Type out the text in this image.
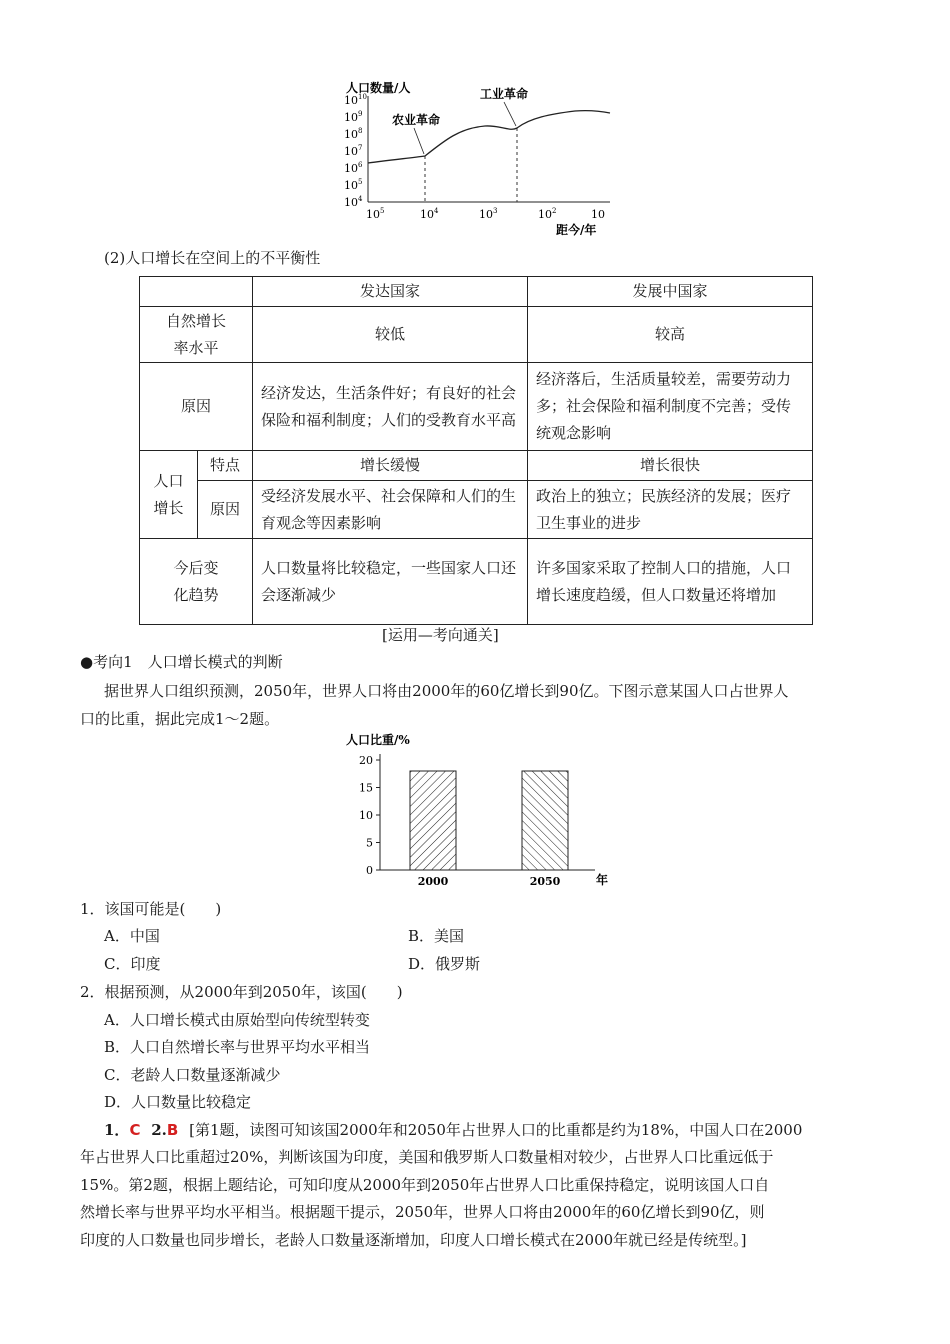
人口数量/人
$10^4$
$10^5$
$10^6$
$10^7$
$10^8$
$10^9$
$10^{10}$
$10^5$	$10^4$	$10^3$	$10^2$	10
距今/年
农业革命
工业革命
(2)人口增长在空间上的不平衡性
		发达国家	发展中国家

自然增长
率水平		较低	较高
原因		经济发达，生活条件好；有良好的社会保险和福利制度；人们的受教育水平高	经济落后，生活质量较差，需要劳动力多；社会保险和福利制度不完善；受传统观念影响

人口
增长	特点	增长缓慢	增长很快
	原因	受经济发展水平、社会保障和人们的生育观念等因素影响	政治上的独立；民族经济的发展；医疗卫生事业的进步

今后变
化趋势		人口数量将比较稳定，一些国家人口还会逐渐减少	许多国家采取了控制人口的措施，人口增长速度趋缓，但人口数量还将增加
[运用—考向通关]
●考向1　人口增长模式的判断
据世界人口组织预测，2050年，世界人口将由2000年的60亿增长到90亿。下图示意某国人口占世界人
口的比重，据此完成1～2题。
人口比重/%
0
5
10
15
20
2000	2050	年
1．该国可能是(　　)
A．中国	B．美国
C．印度	D．俄罗斯
2．根据预测，从2000年到2050年，该国(　　)
A．人口增长模式由原始型向传统型转变
B．人口自然增长率与世界平均水平相当
C．老龄人口数量逐渐减少
D．人口数量比较稳定
1．C 2.B [第1题，读图可知该国2000年和2050年占世界人口的比重都是约为18%，中国人口在2000
年占世界人口比重超过20%，判断该国为印度，美国和俄罗斯人口数量相对较少，占世界人口比重远低于
15%。第2题，根据上题结论，可知印度从2000年到2050年占世界人口比重保持稳定，说明该国人口自
然增长率与世界平均水平相当。根据题干提示，2050年，世界人口将由2000年的60亿增长到90亿，则
印度的人口数量也同步增长，老龄人口数量逐渐增加，印度人口增长模式在2000年就已经是传统型。]
